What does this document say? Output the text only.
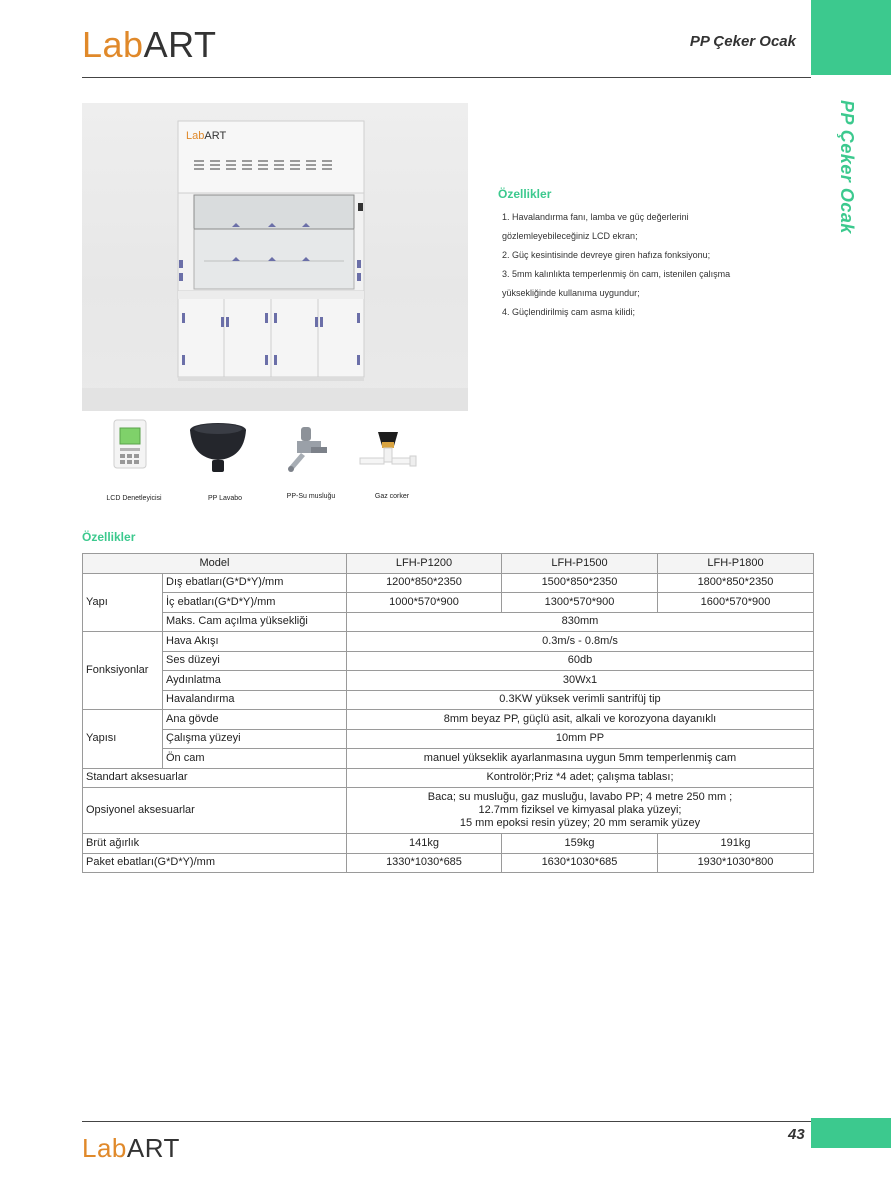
LabART	PP Çeker Ocak
PP Çeker Ocak
LabART
Özellikler

1. Havalandırma fanı, lamba ve güç değerlerini

gözlemleyebileceğiniz LCD ekran;

2. Güç kesintisinde devreye giren hafıza fonksiyonu;

3. 5mm kalınlıkta temperlenmiş ön cam, istenilen çalışma

yüksekliğinde kullanıma uygundur;

4. Güçlendirilmiş cam asma kilidi;

LCD Denetleyicisi	PP Lavabo	PP-Su musluğu	Gaz corker
Özellikler
Model		LFH-P1200	LFH-P1500	LFH-P1800
Yapı	Dış ebatları(G*D*Y)/mm	1200*850*2350	1500*850*2350	1800*850*2350
	İç ebatları(G*D*Y)/mm	1000*570*900	1300*570*900	1600*570*900
	Maks. Cam açılma yüksekliği	830mm		
Fonksiyonlar	Hava Akışı	0.3m/s - 0.8m/s		
	Ses düzeyi	60db		
	Aydınlatma	30Wx1		
	Havalandırma	0.3KW yüksek verimli santrifüj tip		
Yapısı	Ana gövde	8mm beyaz PP, güçlü asit, alkali ve korozyona dayanıklı		
	Çalışma yüzeyi	10mm PP		
	Ön cam	manuel yükseklik ayarlanmasına uygun 5mm temperlenmiş cam		
Standart aksesuarlar		Kontrolör;Priz *4 adet; çalışma tablası;		
Opsiyonel aksesuarlar		Baca; su musluğu, gaz musluğu, lavabo PP; 4 metre 250 mm ;
12.7mm fiziksel ve kimyasal plaka yüzeyi;
15 mm epoksi resin yüzey; 20 mm seramik yüzey		

Brüt ağırlık		141kg	159kg	191kg
Paket ebatları(G*D*Y)/mm		1330*1030*685	1630*1030*685	1930*1030*800
43
LabART
